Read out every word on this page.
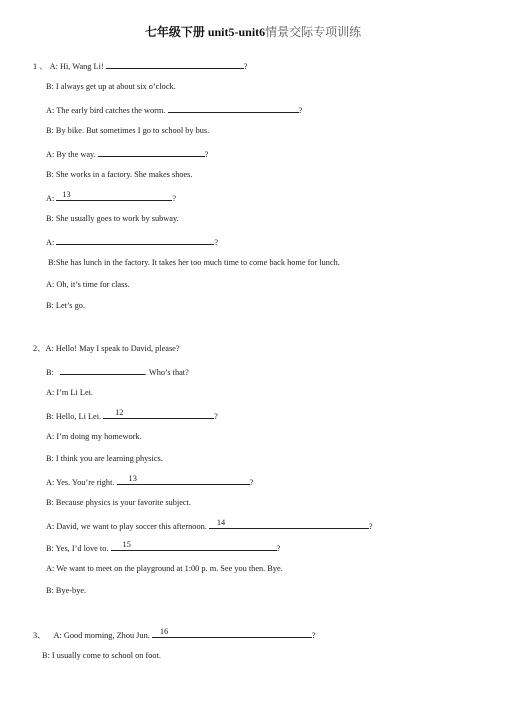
七年级下册 unit5-unit6情景交际专项训练
1 、 A: Hi, Wang Li!	?
B: I always get up at about six o’clock.
A: The early bird catches the worm.	?
B: By bike. But sometimes I go to school by bus.
A: By the way.	?
B: She works in a factory. She makes shoes.
A: 13	?
B: She usually goes to work by subway.
A:	?
B:She has lunch in the factory. It takes her too much time to come back home for lunch.
A: Oh, it’s time for class.
B: Let’s go.
2、A: Hello! May I speak to David, please?
B:	. Who’s that?
A: I’m Li Lei.
B: Hello, Li Lei. 12	?
A: I’m doing my homework.
B: I think you are learning physics.
A: Yes. You’re right. 13	?
B: Because physics is your favorite subject.
A: David, we want to play soccer this afternoon. 14	?
B: Yes, I’d love to. 15	?
A: We want to meet on the playground at 1:00 p. m. See you then. Bye.
B: Bye-bye.
3、 A: Good morning, Zhou Jun. 16	?
B: I usually come to school on foot.
